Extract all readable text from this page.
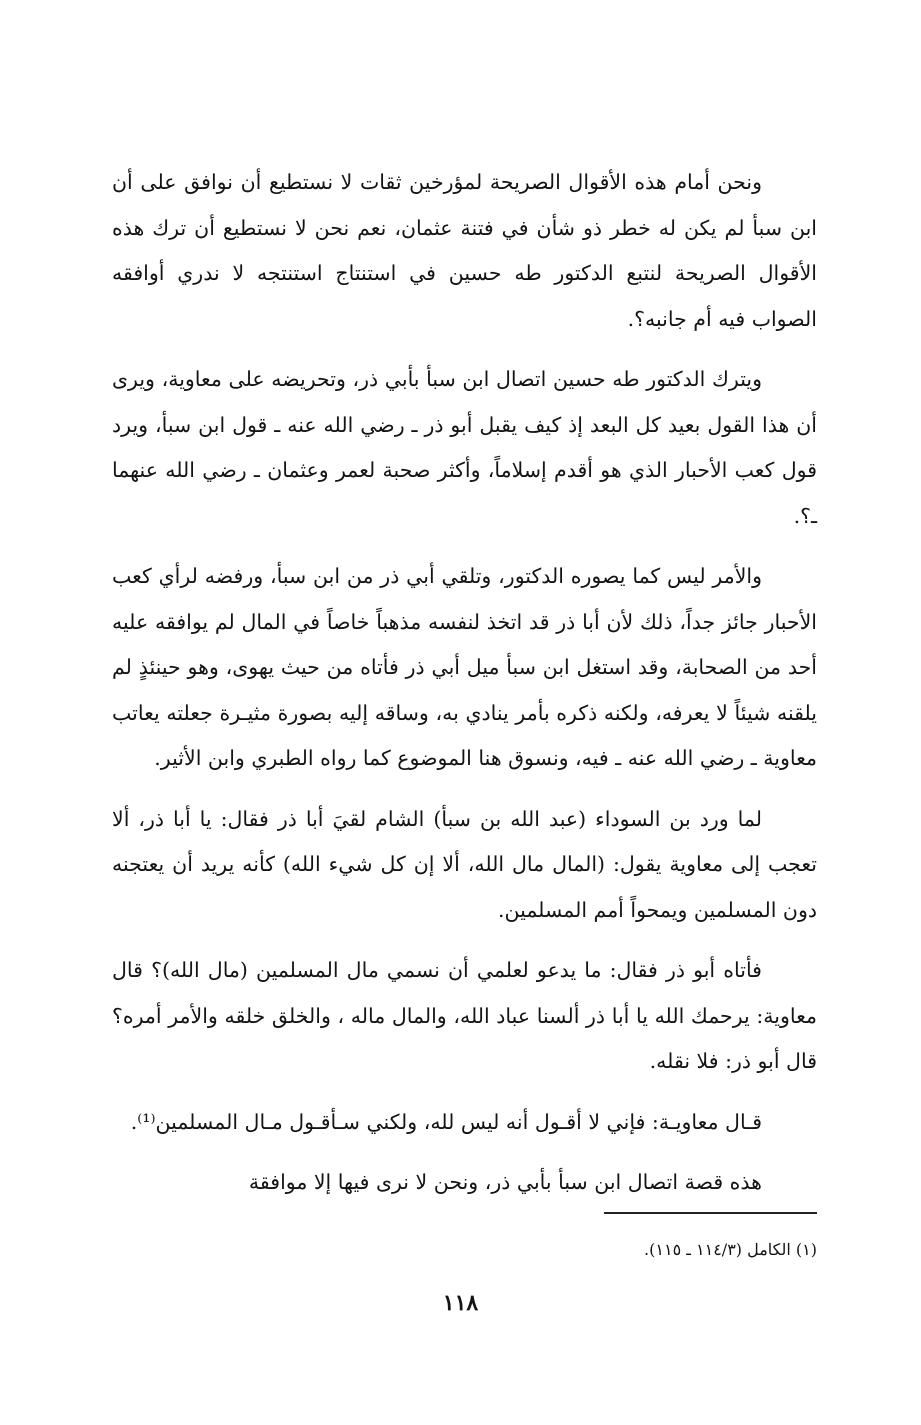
ونحن أمام هذه الأقوال الصريحة لمؤرخين ثقات لا نستطيع أن نوافق على أن ابن سبأ لم يكن له خطر ذو شأن في فتنة عثمان، نعم نحن لا نستطيع أن ترك هذه الأقوال الصريحة لنتبع الدكتور طه حسين في استنتاج استنتجه لا ندري أوافقه الصواب فيه أم جانبه؟.

ويترك الدكتور طه حسين اتصال ابن سبأ بأبي ذر، وتحريضه على معاوية، ويرى أن هذا القول بعيد كل البعد إذ كيف يقبل أبو ذر ـ رضي الله عنه ـ قول ابن سبأ، ويرد قول كعب الأحبار الذي هو أقدم إسلاماً، وأكثر صحبة لعمر وعثمان ـ رضي الله عنهما ـ؟.

والأمر ليس كما يصوره الدكتور، وتلقي أبي ذر من ابن سبأ، ورفضه لرأي كعب الأحبار جائز جداً، ذلك لأن أبا ذر قد اتخذ لنفسه مذهباً خاصاً في المال لم يوافقه عليه أحد من الصحابة، وقد استغل ابن سبأ ميل أبي ذر فأتاه من حيث يهوى، وهو حينئذٍ لم يلقنه شيئاً لا يعرفه، ولكنه ذكره بأمر ينادي به، وساقه إليه بصورة مثيـرة جعلته يعاتب معاوية ـ رضي الله عنه ـ فيه، ونسوق هنا الموضوع كما رواه الطبري وابن الأثير.

لما ورد بن السوداء (عبد الله بن سبأ) الشام لقيَ أبا ذر فقال: يا أبا ذر، ألا تعجب إلى معاوية يقول: (المال مال الله، ألا إن كل شيء الله) كأنه يريد أن يعتجنه دون المسلمين ويمحواً أمم المسلمين.

فأتاه أبو ذر فقال: ما يدعو لعلمي أن نسمي مال المسلمين (مال الله)؟ قال معاوية: يرحمك الله يا أبا ذر ألسنا عباد الله، والمال ماله ، والخلق خلقه والأمر أمره؟ قال أبو ذر: فلا نقله.

قـال معاويـة: فإني لا أقـول أنه ليس لله، ولكني سـأقـول مـال المسلمين⁽¹⁾.

هذه قصة اتصال ابن سبأ بأبي ذر، ونحن لا نرى فيها إلا موافقة

(١) الكامل (١١٤/٣ ـ ١١٥).
١١٨
